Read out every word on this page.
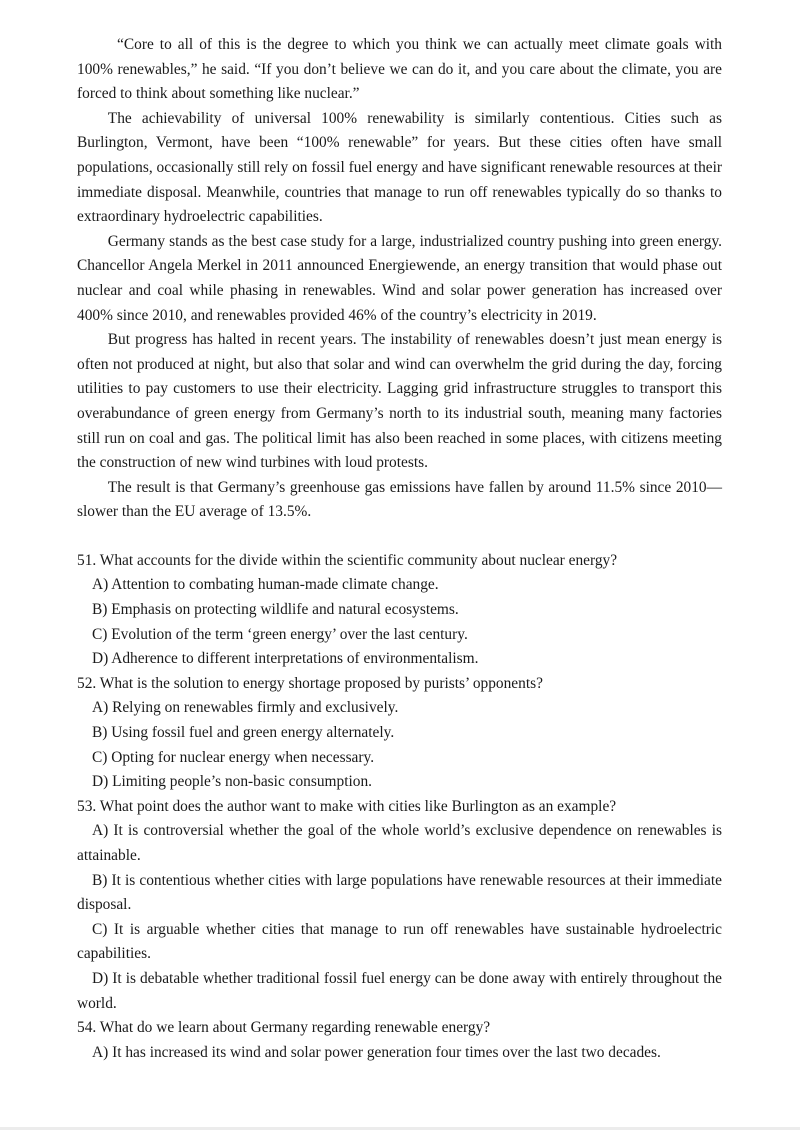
“Core to all of this is the degree to which you think we can actually meet climate goals with 100% renewables,” he said. “If you don’t believe we can do it, and you care about the climate, you are forced to think about something like nuclear.”

The achievability of universal 100% renewability is similarly contentious. Cities such as Burlington, Vermont, have been “100% renewable” for years. But these cities often have small populations, occasionally still rely on fossil fuel energy and have significant renewable resources at their immediate disposal. Meanwhile, countries that manage to run off renewables typically do so thanks to extraordinary hydroelectric capabilities.

Germany stands as the best case study for a large, industrialized country pushing into green energy. Chancellor Angela Merkel in 2011 announced Energiewende, an energy transition that would phase out nuclear and coal while phasing in renewables. Wind and solar power generation has increased over 400% since 2010, and renewables provided 46% of the country’s electricity in 2019.

But progress has halted in recent years. The instability of renewables doesn’t just mean energy is often not produced at night, but also that solar and wind can overwhelm the grid during the day, forcing utilities to pay customers to use their electricity. Lagging grid infrastructure struggles to transport this overabundance of green energy from Germany’s north to its industrial south, meaning many factories still run on coal and gas. The political limit has also been reached in some places, with citizens meeting the construction of new wind turbines with loud protests.

The result is that Germany’s greenhouse gas emissions have fallen by around 11.5% since 2010—slower than the EU average of 13.5%.

51. What accounts for the divide within the scientific community about nuclear energy?

A) Attention to combating human-made climate change.

B) Emphasis on protecting wildlife and natural ecosystems.

C) Evolution of the term ‘green energy’ over the last century.

D) Adherence to different interpretations of environmentalism.

52. What is the solution to energy shortage proposed by purists’ opponents?

A) Relying on renewables firmly and exclusively.

B) Using fossil fuel and green energy alternately.

C) Opting for nuclear energy when necessary.

D) Limiting people’s non-basic consumption.

53. What point does the author want to make with cities like Burlington as an example?

A) It is controversial whether the goal of the whole world’s exclusive dependence on renewables is attainable.

B) It is contentious whether cities with large populations have renewable resources at their immediate disposal.

C) It is arguable whether cities that manage to run off renewables have sustainable hydroelectric capabilities.

D) It is debatable whether traditional fossil fuel energy can be done away with entirely throughout the world.

54. What do we learn about Germany regarding renewable energy?

A) It has increased its wind and solar power generation four times over the last two decades.
